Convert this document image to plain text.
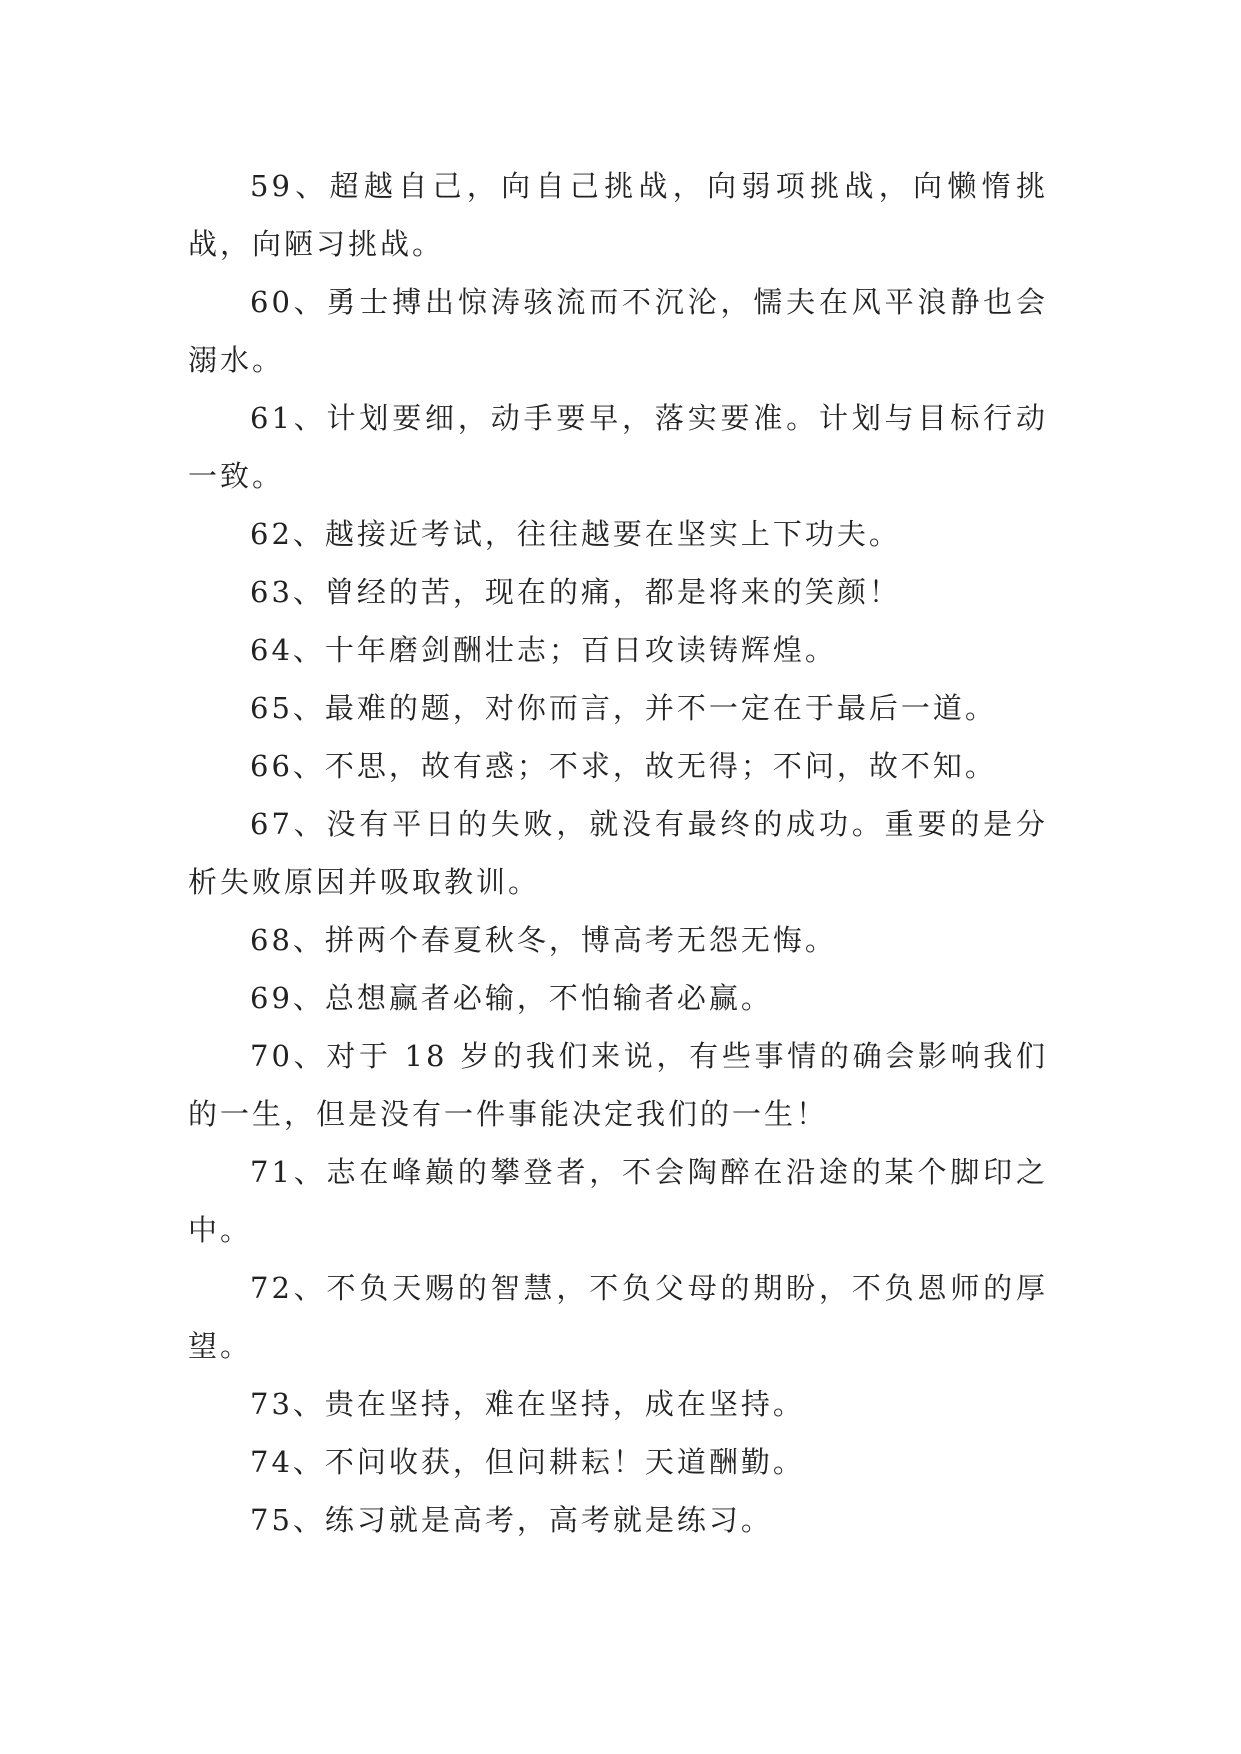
59、超越自己，向自己挑战，向弱项挑战，向懒惰挑战，向陋习挑战。

60、勇士搏出惊涛骇流而不沉沦，懦夫在风平浪静也会溺水。

61、计划要细，动手要早，落实要准。计划与目标行动一致。

62、越接近考试，往往越要在坚实上下功夫。

63、曾经的苦，现在的痛，都是将来的笑颜！

64、十年磨剑酬壮志；百日攻读铸辉煌。

65、最难的题，对你而言，并不一定在于最后一道。

66、不思，故有惑；不求，故无得；不问，故不知。

67、没有平日的失败，就没有最终的成功。重要的是分析失败原因并吸取教训。

68、拼两个春夏秋冬，博高考无怨无悔。

69、总想赢者必输，不怕输者必赢。

70、对于 18 岁的我们来说，有些事情的确会影响我们的一生，但是没有一件事能决定我们的一生！

71、志在峰巅的攀登者，不会陶醉在沿途的某个脚印之中。

72、不负天赐的智慧，不负父母的期盼，不负恩师的厚望。

73、贵在坚持，难在坚持，成在坚持。

74、不问收获，但问耕耘！天道酬勤。

75、练习就是高考，高考就是练习。
